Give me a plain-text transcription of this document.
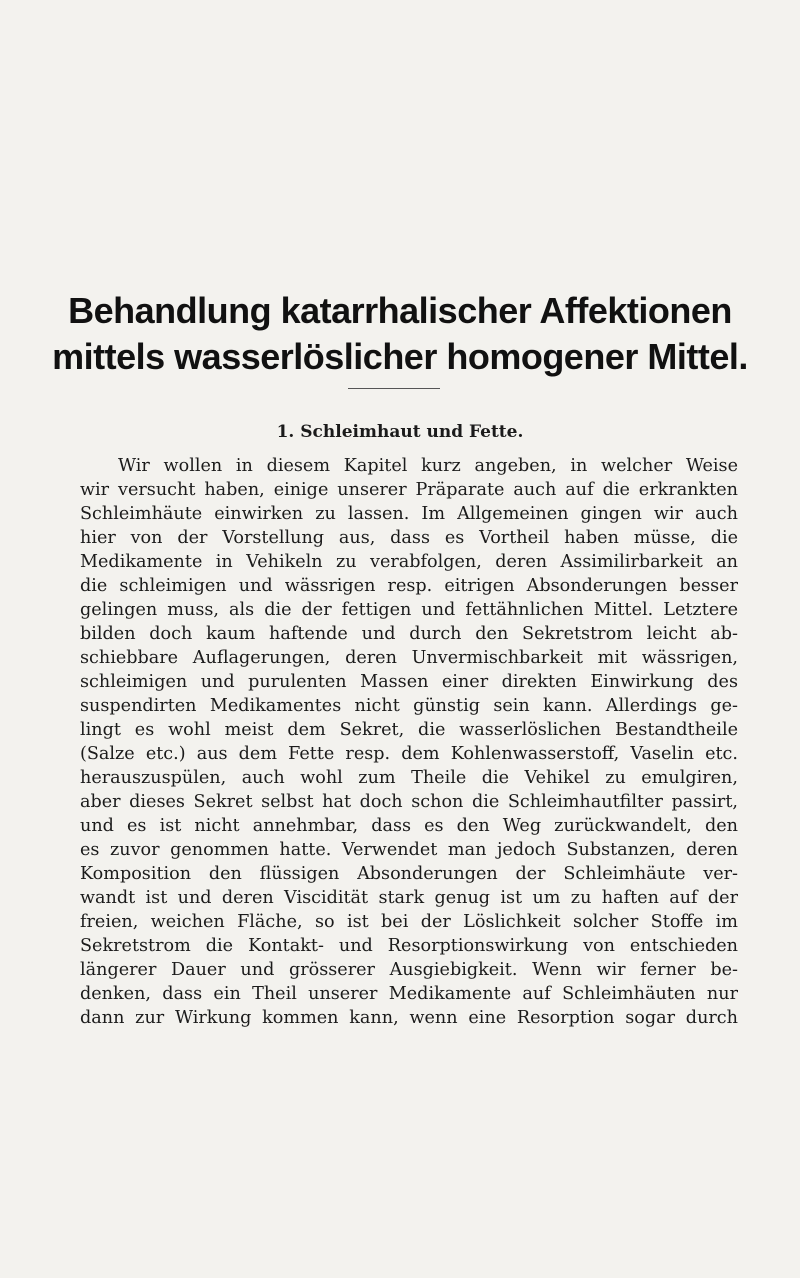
Behandlung katarrhalischer Affektionen
mittels wasserlöslicher homogener Mittel.
1. Schleimhaut und Fette.
Wir wollen in diesem Kapitel kurz angeben, in welcher Weise
wir versucht haben, einige unserer Präparate auch auf die erkrankten
Schleimhäute einwirken zu lassen. Im Allgemeinen gingen wir auch
hier von der Vorstellung aus, dass es Vortheil haben müsse, die
Medikamente in Vehikeln zu verabfolgen, deren Assimilirbarkeit an
die schleimigen und wässrigen resp. eitrigen Absonderungen besser
gelingen muss, als die der fettigen und fettähnlichen Mittel. Letztere
bilden doch kaum haftende und durch den Sekretstrom leicht ab-
schiebbare Auflagerungen, deren Unvermischbarkeit mit wässrigen,
schleimigen und purulenten Massen einer direkten Einwirkung des
suspendirten Medikamentes nicht günstig sein kann. Allerdings ge-
lingt es wohl meist dem Sekret, die wasserlöslichen Bestandtheile
(Salze etc.) aus dem Fette resp. dem Kohlenwasserstoff, Vaselin etc.
herauszuspülen, auch wohl zum Theile die Vehikel zu emulgiren,
aber dieses Sekret selbst hat doch schon die Schleimhautfilter passirt,
und es ist nicht annehmbar, dass es den Weg zurückwandelt, den
es zuvor genommen hatte. Verwendet man jedoch Substanzen, deren
Komposition den flüssigen Absonderungen der Schleimhäute ver-
wandt ist und deren Viscidität stark genug ist um zu haften auf der
freien, weichen Fläche, so ist bei der Löslichkeit solcher Stoffe im
Sekretstrom die Kontakt- und Resorptionswirkung von entschieden
längerer Dauer und grösserer Ausgiebigkeit. Wenn wir ferner be-
denken, dass ein Theil unserer Medikamente auf Schleimhäuten nur
dann zur Wirkung kommen kann, wenn eine Resorption sogar durch
